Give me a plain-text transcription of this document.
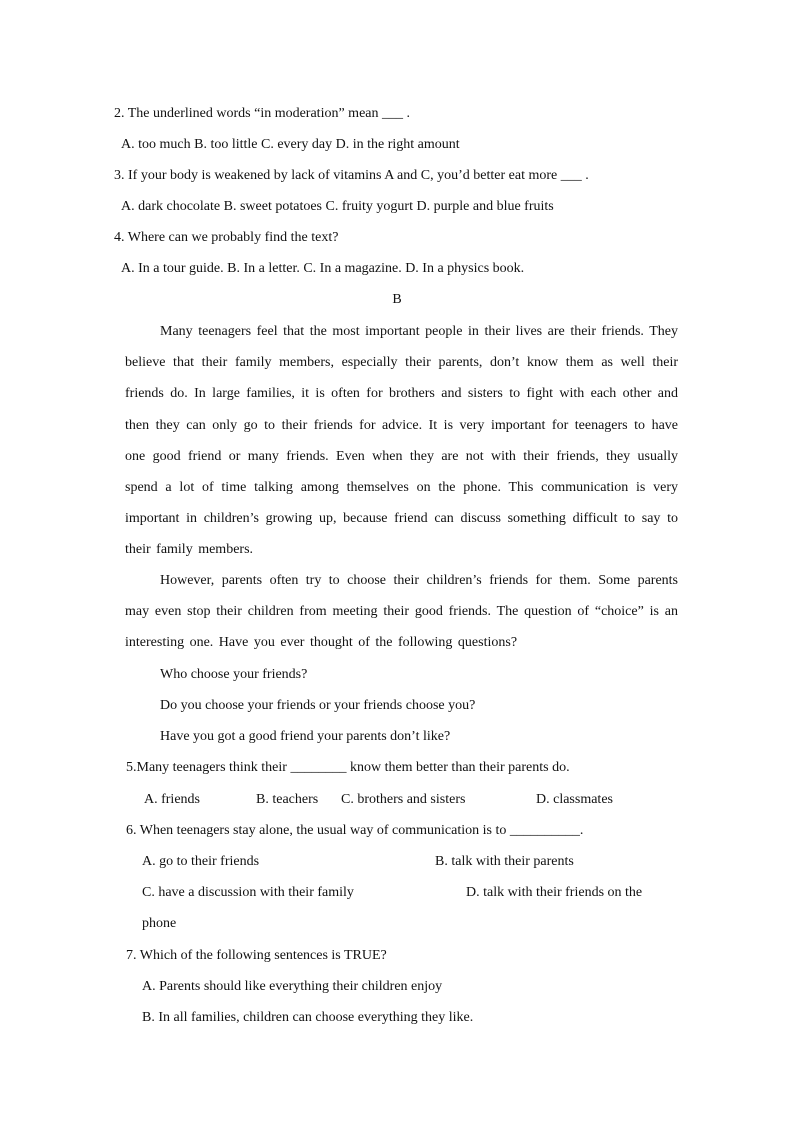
2. The underlined words “in moderation” mean ___ .
A. too much B. too little C. every day D. in the right amount
3. If your body is weakened by lack of vitamins A and C, you’d better eat more ___ .
A. dark chocolate B. sweet potatoes C. fruity yogurt D. purple and blue fruits
4. Where can we probably find the text?
A. In a tour guide. B. In a letter. C. In a magazine. D. In a physics book.
B
Many teenagers feel that the most important people in their lives are their friends. They believe that their family members, especially their parents, don’t know them as well their friends do. In large families, it is often for brothers and sisters to fight with each other and then they can only go to their friends for advice. It is very important for teenagers to have one good friend or many friends. Even when they are not with their friends, they usually spend a lot of time talking among themselves on the phone. This communication is very important in children’s growing up, because friend can discuss something difficult to say to their family members.
However, parents often try to choose their children’s friends for them. Some parents may even stop their children from meeting their good friends. The question of “choice” is an interesting one. Have you ever thought of the following questions?
Who choose your friends?
Do you choose your friends or your friends choose you?
Have you got a good friend your parents don’t like?
5.Many teenagers think their ________ know them better than their parents do.
A. friends	B. teachers C. brothers and sisters	D. classmates
6. When teenagers stay alone, the usual way of communication is to __________.
A. go to their friends	B. talk with their parents
C. have a discussion with their family	D. talk with their friends on the
phone
7. Which of the following sentences is TRUE?
A. Parents should like everything their children enjoy
B. In all families, children can choose everything they like.
